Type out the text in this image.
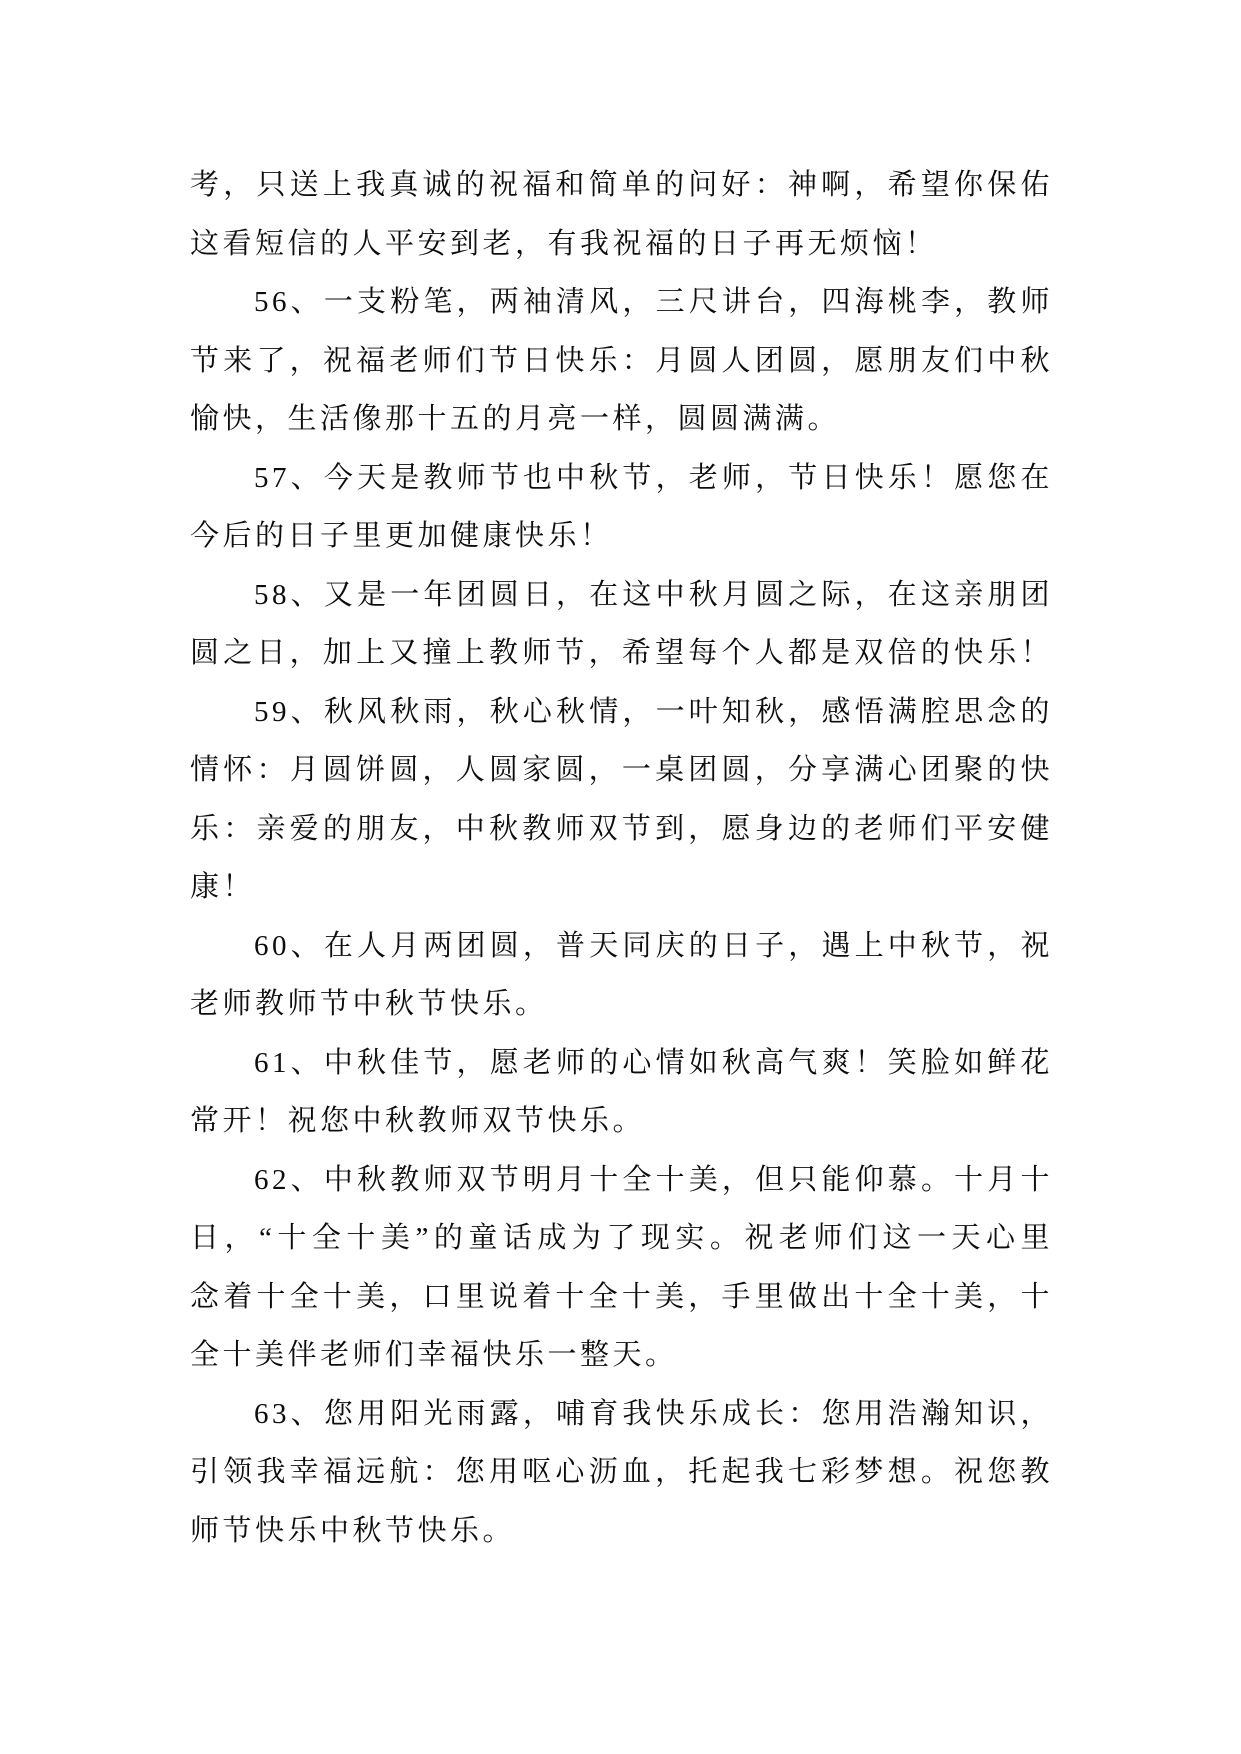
考，只送上我真诚的祝福和简单的问好：神啊，希望你保佑
这看短信的人平安到老，有我祝福的日子再无烦恼！
56、一支粉笔，两袖清风，三尺讲台，四海桃李，教师
节来了，祝福老师们节日快乐：月圆人团圆，愿朋友们中秋
愉快，生活像那十五的月亮一样，圆圆满满。
57、今天是教师节也中秋节，老师，节日快乐！愿您在
今后的日子里更加健康快乐！
58、又是一年团圆日，在这中秋月圆之际，在这亲朋团
圆之日，加上又撞上教师节，希望每个人都是双倍的快乐！
59、秋风秋雨，秋心秋情，一叶知秋，感悟满腔思念的
情怀：月圆饼圆，人圆家圆，一桌团圆，分享满心团聚的快
乐：亲爱的朋友，中秋教师双节到，愿身边的老师们平安健
康！
60、在人月两团圆，普天同庆的日子，遇上中秋节，祝
老师教师节中秋节快乐。
61、中秋佳节，愿老师的心情如秋高气爽！笑脸如鲜花
常开！祝您中秋教师双节快乐。
62、中秋教师双节明月十全十美，但只能仰慕。十月十
日，“十全十美”的童话成为了现实。祝老师们这一天心里
念着十全十美，口里说着十全十美，手里做出十全十美，十
全十美伴老师们幸福快乐一整天。
63、您用阳光雨露，哺育我快乐成长：您用浩瀚知识，
引领我幸福远航：您用呕心沥血，托起我七彩梦想。祝您教
师节快乐中秋节快乐。
